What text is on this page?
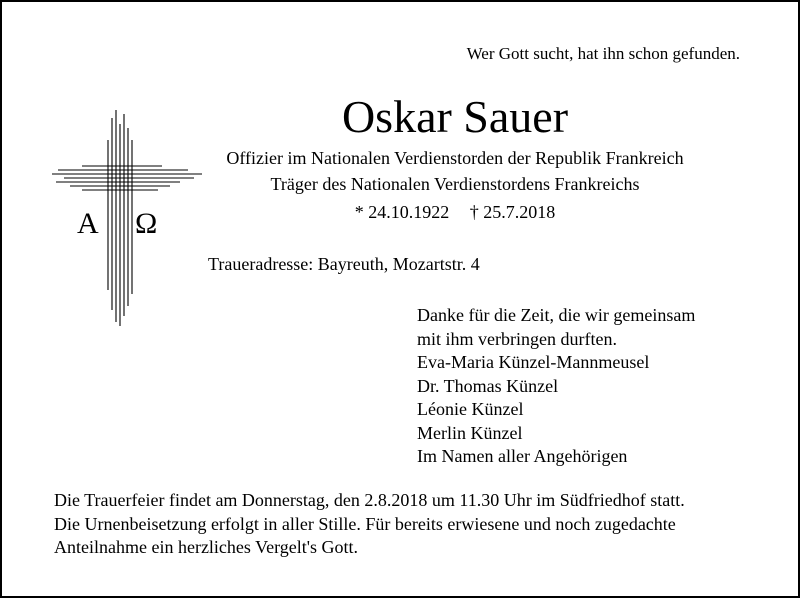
Wer Gott sucht, hat ihn schon gefunden.
A Ω
Oskar Sauer
Offizier im Nationalen Verdienstorden der Republik Frankreich
Träger des Nationalen Verdienstordens Frankreichs
* 24.10.1922 † 25.7.2018
Traueradresse: Bayreuth, Mozartstr. 4
Danke für die Zeit, die wir gemeinsam
mit ihm verbringen durften.
Eva-Maria Künzel-Mannmeusel
Dr. Thomas Künzel
Léonie Künzel
Merlin Künzel
Im Namen aller Angehörigen
Die Trauerfeier findet am Donnerstag, den 2.8.2018 um 11.30 Uhr im Südfriedhof statt.
Die Urnenbeisetzung erfolgt in aller Stille. Für bereits erwiesene und noch zugedachte
Anteilnahme ein herzliches Vergelt's Gott.
